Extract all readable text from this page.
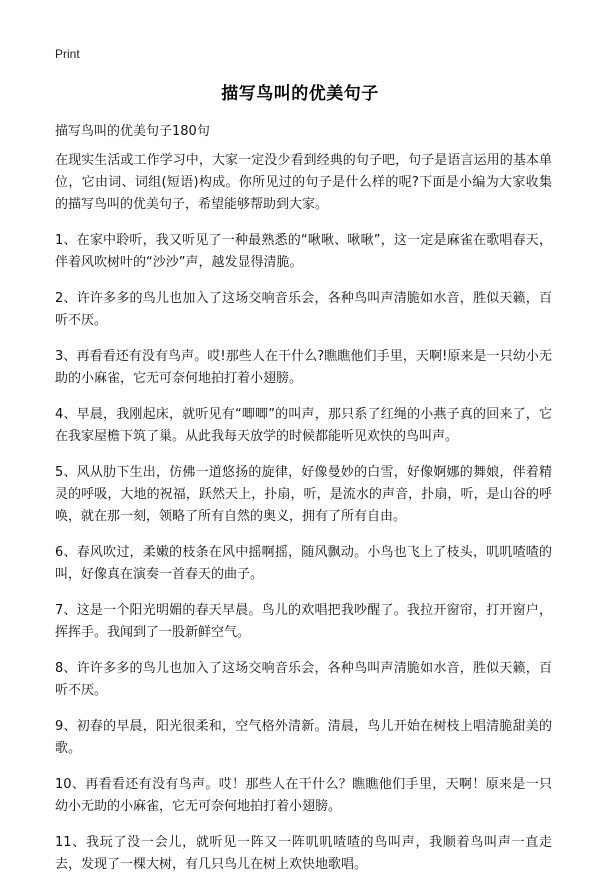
Print
描写鸟叫的优美句子
描写鸟叫的优美句子180句

在现实生活或工作学习中，大家一定没少看到经典的句子吧，句子是语言运用的基本单位，它由词、词组(短语)构成。你所见过的句子是什么样的呢?下面是小编为大家收集的描写鸟叫的优美句子，希望能够帮助到大家。

1、在家中聆听，我又听见了一种最熟悉的“啾啾、啾啾”，这一定是麻雀在歌唱春天，伴着风吹树叶的“沙沙”声，越发显得清脆。

2、许许多多的鸟儿也加入了这场交响音乐会，各种鸟叫声清脆如水音，胜似天籁，百听不厌。

3、再看看还有没有鸟声。哎!那些人在干什么?瞧瞧他们手里，天啊!原来是一只幼小无助的小麻雀，它无可奈何地拍打着小翅膀。

4、早晨，我刚起床，就听见有“唧唧”的叫声，那只系了红绳的小燕子真的回来了，它在我家屋檐下筑了巢。从此我每天放学的时候都能听见欢快的鸟叫声。

5、风从肋下生出，仿佛一道悠扬的旋律，好像曼妙的白雪，好像婀娜的舞娘，伴着精灵的呼吸，大地的祝福，跃然天上，扑扇，听，是流水的声音，扑扇，听，是山谷的呼唤，就在那一刻，领略了所有自然的奥义，拥有了所有自由。

6、春风吹过，柔嫩的枝条在风中摇啊摇，随风飘动。小鸟也飞上了枝头，叽叽喳喳的叫，好像真在演奏一首春天的曲子。

7、这是一个阳光明媚的春天早晨。鸟儿的欢唱把我吵醒了。我拉开窗帘，打开窗户，挥挥手。我闻到了一股新鲜空气。

8、许许多多的鸟儿也加入了这场交响音乐会，各种鸟叫声清脆如水音，胜似天籁，百听不厌。

9、初春的早晨，阳光很柔和，空气格外清新。清晨，鸟儿开始在树枝上唱清脆甜美的歌。

10、再看看还有没有鸟声。哎！那些人在干什么？瞧瞧他们手里，天啊！原来是一只幼小无助的小麻雀，它无可奈何地拍打着小翅膀。

11、我玩了没一会儿，就听见一阵又一阵叽叽喳喳的鸟叫声，我顺着鸟叫声一直走去，发现了一棵大树，有几只鸟儿在树上欢快地歌唱。
